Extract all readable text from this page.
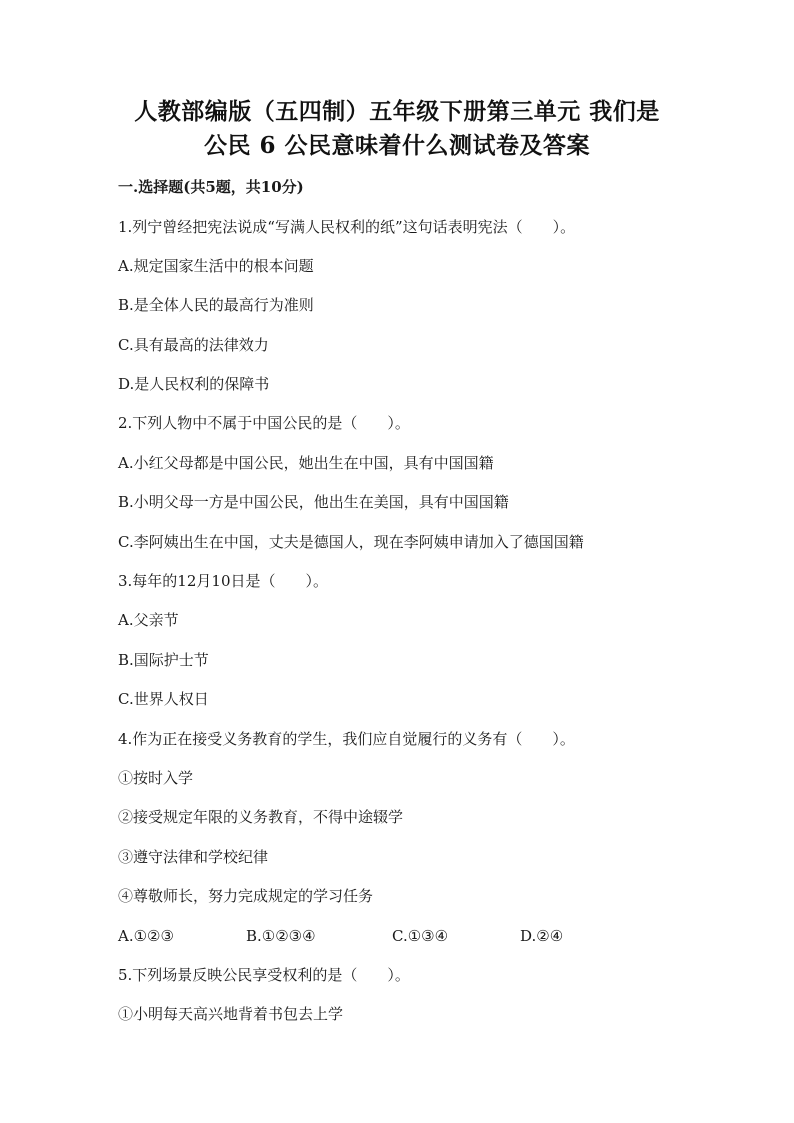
人教部编版（五四制）五年级下册第三单元 我们是
公民 6 公民意味着什么测试卷及答案
一.选择题(共5题，共10分)
1.列宁曾经把宪法说成“写满人民权利的纸”这句话表明宪法（　　）。
A.规定国家生活中的根本问题
B.是全体人民的最高行为准则
C.具有最高的法律效力
D.是人民权利的保障书
2.下列人物中不属于中国公民的是（　　）。
A.小红父母都是中国公民，她出生在中国，具有中国国籍
B.小明父母一方是中国公民，他出生在美国，具有中国国籍
C.李阿姨出生在中国，丈夫是德国人，现在李阿姨申请加入了德国国籍
3.每年的12月10日是（　　）。
A.父亲节
B.国际护士节
C.世界人权日
4.作为正在接受义务教育的学生，我们应自觉履行的义务有（　　）。
①按时入学
②接受规定年限的义务教育，不得中途辍学
③遵守法律和学校纪律
④尊敬师长，努力完成规定的学习任务
A.①②③	B.①②③④	C.①③④	D.②④
5.下列场景反映公民享受权利的是（　　）。
①小明每天高兴地背着书包去上学
